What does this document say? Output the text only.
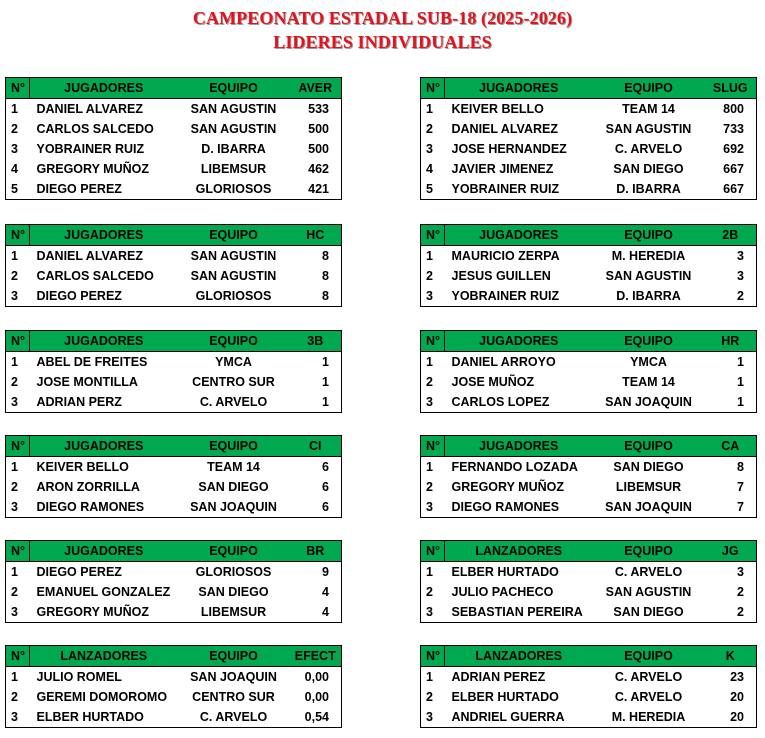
CAMPEONATO ESTADAL SUB-18 (2025-2026)
LIDERES INDIVIDUALES
N°	JUGADORES	EQUIPO	AVER
1	DANIEL ALVAREZ	SAN AGUSTIN	533
2	CARLOS SALCEDO	SAN AGUSTIN	500
3	YOBRAINER RUIZ	D. IBARRA	500
4	GREGORY MUÑOZ	LIBEMSUR	462
5	DIEGO PEREZ	GLORIOSOS	421
N°	JUGADORES	EQUIPO	SLUG
1	KEIVER BELLO	TEAM 14	800
2	DANIEL ALVAREZ	SAN AGUSTIN	733
3	JOSE HERNANDEZ	C. ARVELO	692
4	JAVIER JIMENEZ	SAN DIEGO	667
5	YOBRAINER RUIZ	D. IBARRA	667
N°	JUGADORES	EQUIPO	HC
1	DANIEL ALVAREZ	SAN AGUSTIN	8
2	CARLOS SALCEDO	SAN AGUSTIN	8
3	DIEGO PEREZ	GLORIOSOS	8
N°	JUGADORES	EQUIPO	2B
1	MAURICIO ZERPA	M. HEREDIA	3
2	JESUS GUILLEN	SAN AGUSTIN	3
3	YOBRAINER RUIZ	D. IBARRA	2
N°	JUGADORES	EQUIPO	3B
1	ABEL DE FREITES	YMCA	1
2	JOSE MONTILLA	CENTRO SUR	1
3	ADRIAN PERZ	C. ARVELO	1
N°	JUGADORES	EQUIPO	HR
1	DANIEL ARROYO	YMCA	1
2	JOSE MUÑOZ	TEAM 14	1
3	CARLOS LOPEZ	SAN JOAQUIN	1
N°	JUGADORES	EQUIPO	CI
1	KEIVER BELLO	TEAM 14	6
2	ARON ZORRILLA	SAN DIEGO	6
3	DIEGO RAMONES	SAN JOAQUIN	6
N°	JUGADORES	EQUIPO	CA
1	FERNANDO LOZADA	SAN DIEGO	8
2	GREGORY MUÑOZ	LIBEMSUR	7
3	DIEGO RAMONES	SAN JOAQUIN	7
N°	JUGADORES	EQUIPO	BR
1	DIEGO PEREZ	GLORIOSOS	9
2	EMANUEL GONZALEZ	SAN DIEGO	4
3	GREGORY MUÑOZ	LIBEMSUR	4
N°	LANZADORES	EQUIPO	JG
1	ELBER HURTADO	C. ARVELO	3
2	JULIO PACHECO	SAN AGUSTIN	2
3	SEBASTIAN PEREIRA	SAN DIEGO	2
N°	LANZADORES	EQUIPO	EFECT
1	JULIO ROMEL	SAN JOAQUIN	0,00
2	GEREMI DOMOROMO	CENTRO SUR	0,00
3	ELBER HURTADO	C. ARVELO	0,54
N°	LANZADORES	EQUIPO	K
1	ADRIAN PEREZ	C. ARVELO	23
2	ELBER HURTADO	C. ARVELO	20
3	ANDRIEL GUERRA	M. HEREDIA	20
